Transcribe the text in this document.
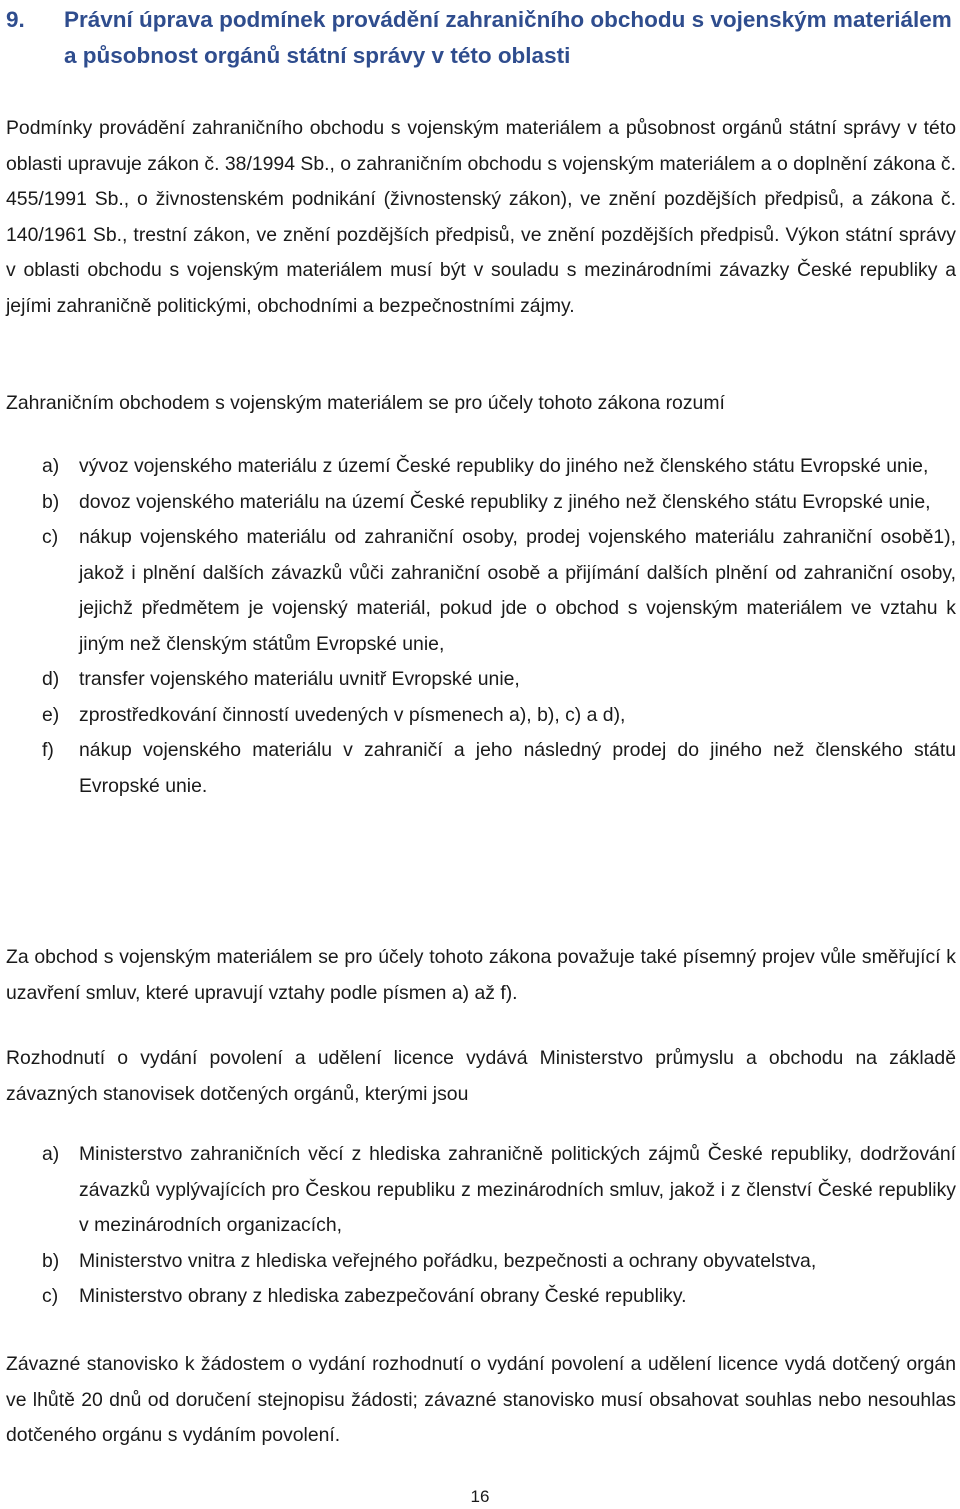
9. Právní úprava podmínek provádění zahraničního obchodu s vojenským materiálem a působnost orgánů státní správy v této oblasti

Podmínky provádění zahraničního obchodu s vojenským materiálem a působnost orgánů státní správy v této oblasti upravuje zákon č. 38/1994 Sb., o zahraničním obchodu s vojenským materiálem a o doplnění zákona č. 455/1991 Sb., o živnostenském podnikání (živnostenský zákon), ve znění pozdějších předpisů, a zákona č. 140/1961 Sb., trestní zákon, ve znění pozdějších předpisů, ve znění pozdějších předpisů. Výkon státní správy v oblasti obchodu s vojenským materiálem musí být v souladu s mezinárodními závazky České republiky a jejími zahraničně politickými, obchodními a bezpečnostními zájmy.

Zahraničním obchodem s vojenským materiálem se pro účely tohoto zákona rozumí

a) vývoz vojenského materiálu z území České republiky do jiného než členského státu Evropské unie,
b) dovoz vojenského materiálu na území České republiky z jiného než členského státu Evropské unie,
c) nákup vojenského materiálu od zahraniční osoby, prodej vojenského materiálu zahraniční osobě1), jakož i plnění dalších závazků vůči zahraniční osobě a přijímání dalších plnění od zahraniční osoby, jejichž předmětem je vojenský materiál, pokud jde o obchod s vojenským materiálem ve vztahu k jiným než členským státům Evropské unie,
d) transfer vojenského materiálu uvnitř Evropské unie,
e) zprostředkování činností uvedených v písmenech a), b), c) a d),
f) nákup vojenského materiálu v zahraničí a jeho následný prodej do jiného než členského státu Evropské unie.

Za obchod s vojenským materiálem se pro účely tohoto zákona považuje také písemný projev vůle směřující k uzavření smluv, které upravují vztahy podle písmen a) až f).

Rozhodnutí o vydání povolení a udělení licence vydává Ministerstvo průmyslu a obchodu na základě závazných stanovisek dotčených orgánů, kterými jsou

a) Ministerstvo zahraničních věcí z hlediska zahraničně politických zájmů České republiky, dodržování závazků vyplývajících pro Českou republiku z mezinárodních smluv, jakož i z členství České republiky v mezinárodních organizacích,
b) Ministerstvo vnitra z hlediska veřejného pořádku, bezpečnosti a ochrany obyvatelstva,
c) Ministerstvo obrany z hlediska zabezpečování obrany České republiky.

Závazné stanovisko k žádostem o vydání rozhodnutí o vydání povolení a udělení licence vydá dotčený orgán ve lhůtě 20 dnů od doručení stejnopisu žádosti; závazné stanovisko musí obsahovat souhlas nebo nesouhlas dotčeného orgánu s vydáním povolení.

16
